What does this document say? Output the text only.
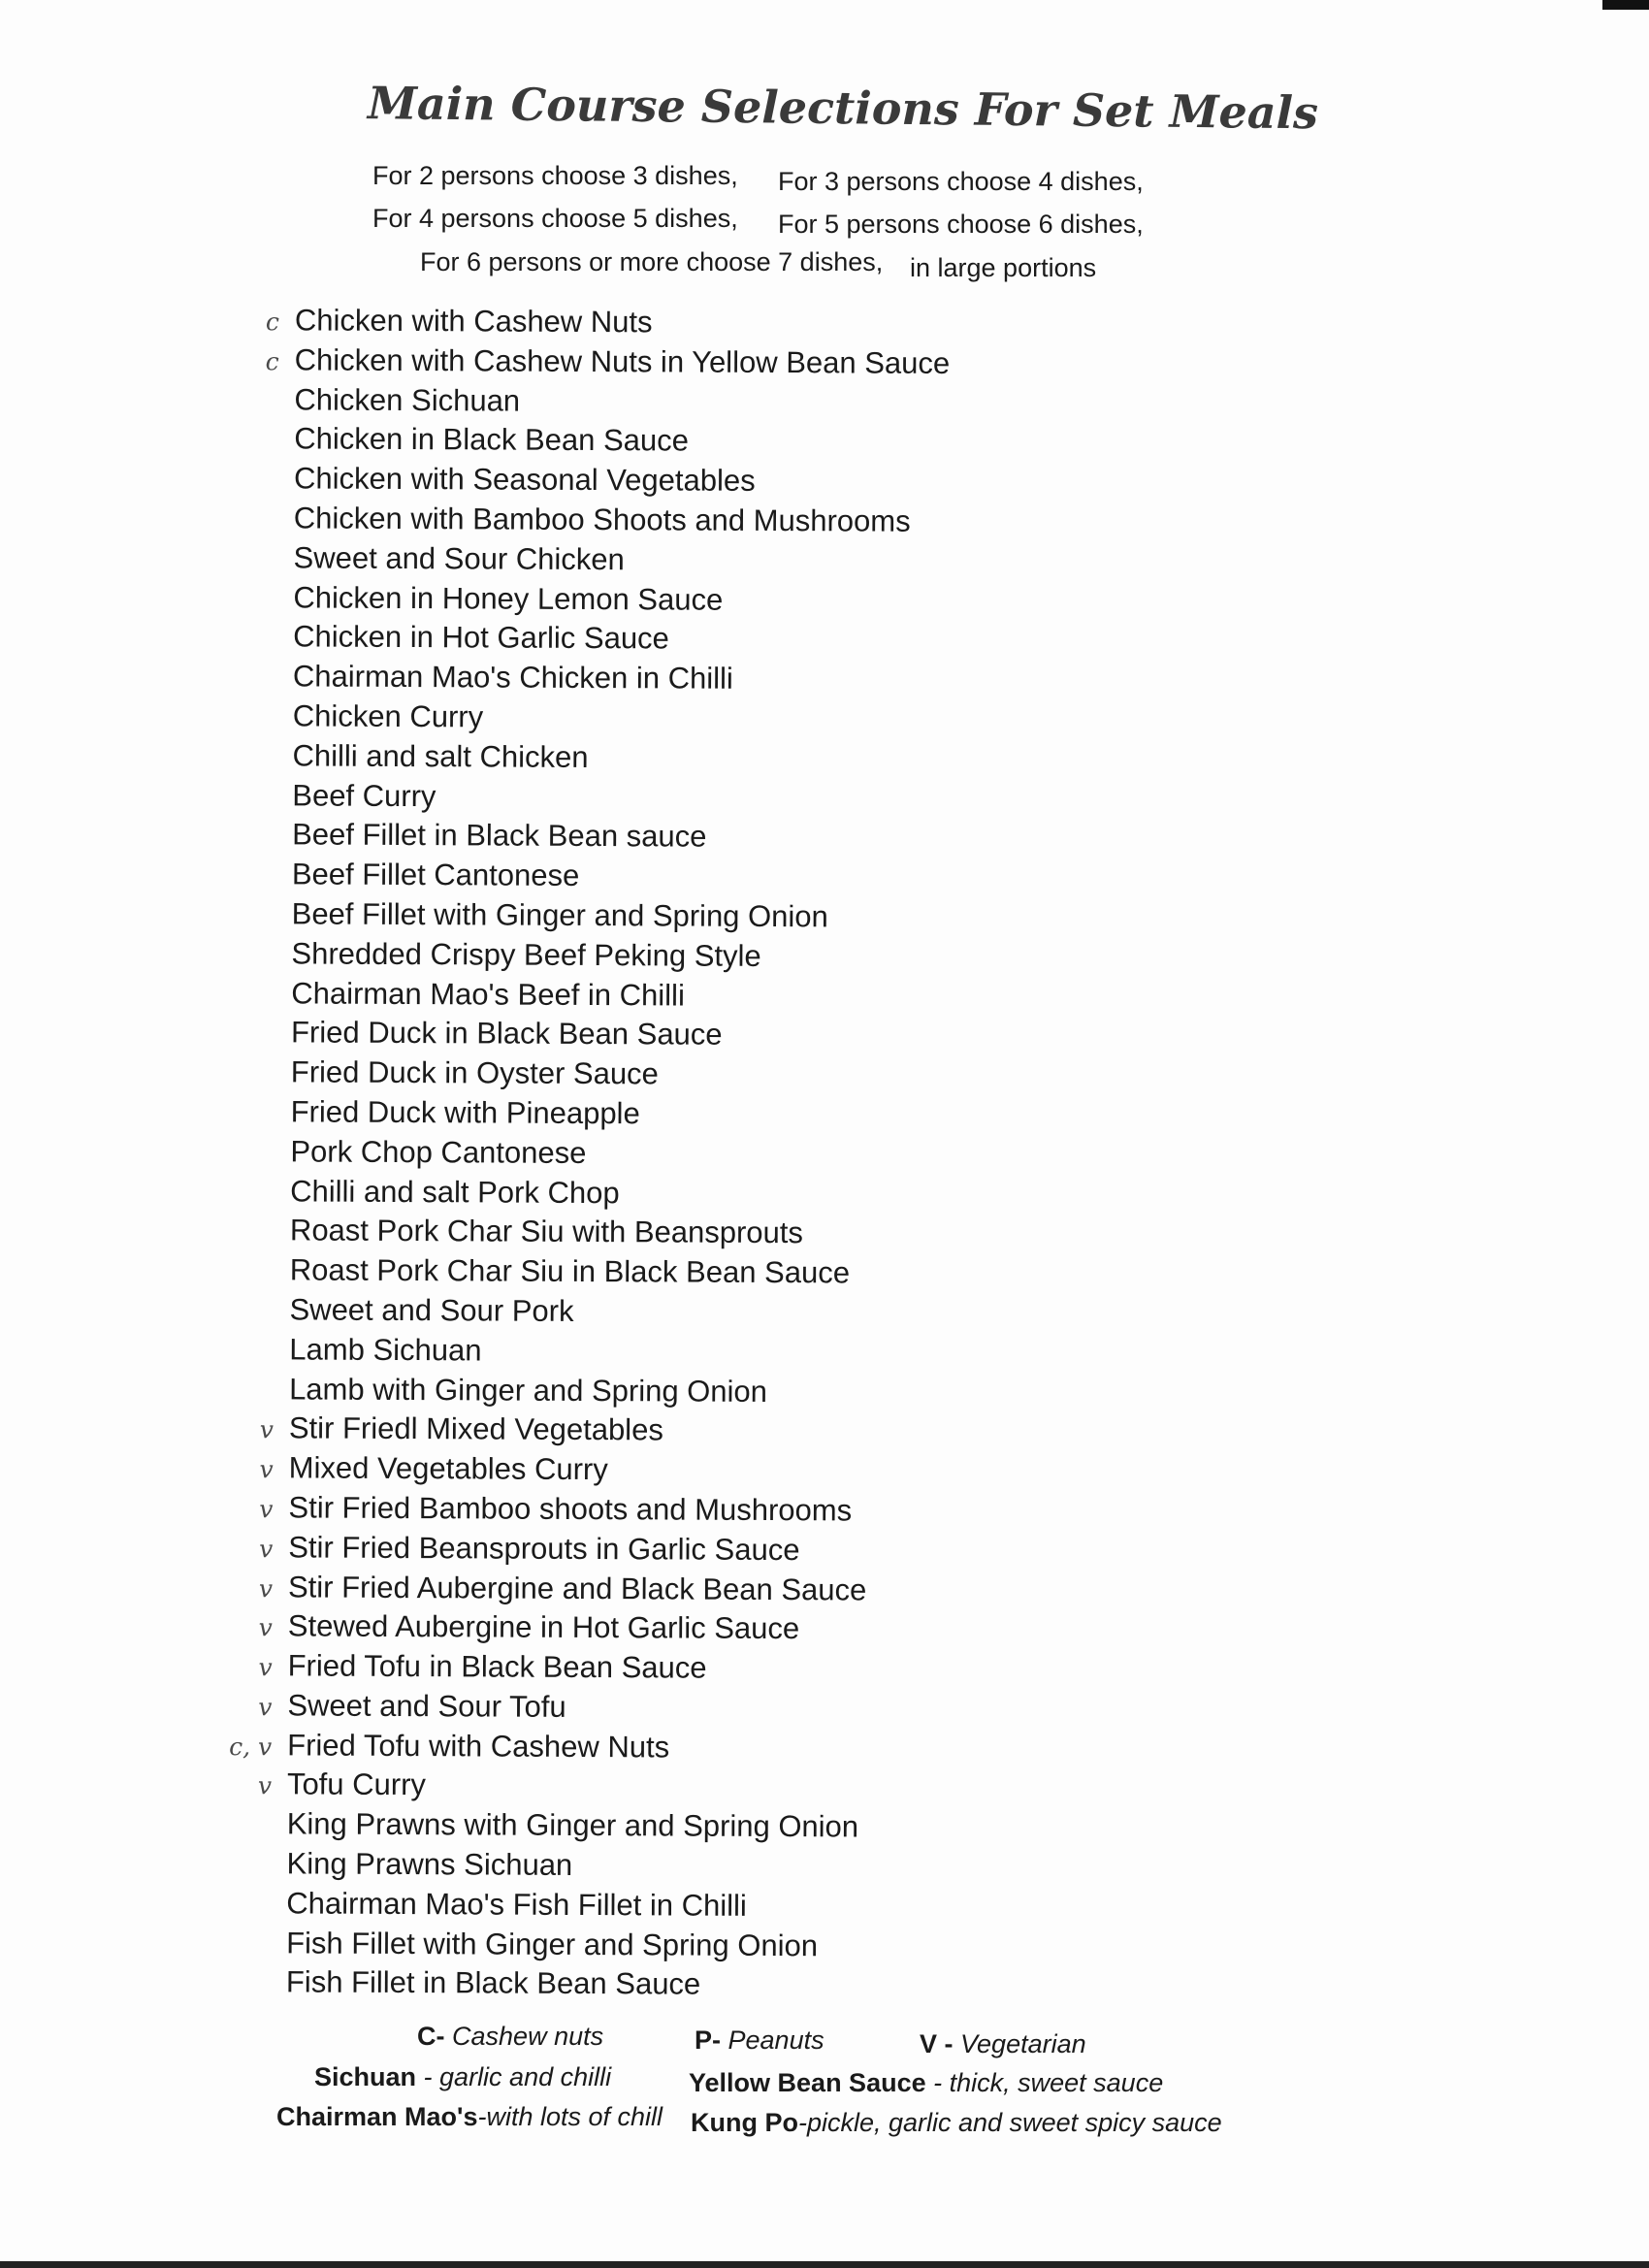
Main Course Selections For Set Meals
For 2 persons choose 3 dishes, For 3 persons choose 4 dishes,
For 4 persons choose 5 dishes, For 5 persons choose 6 dishes,
For 6 persons or more choose 7 dishes, in large portions
c Chicken with Cashew Nuts
c Chicken with Cashew Nuts in Yellow Bean Sauce
Chicken Sichuan
Chicken in Black Bean Sauce
Chicken with Seasonal Vegetables
Chicken with Bamboo Shoots and Mushrooms
Sweet and Sour Chicken
Chicken in Honey Lemon Sauce
Chicken in Hot Garlic Sauce
Chairman Mao's Chicken in Chilli
Chicken Curry
Chilli and salt Chicken
Beef Curry
Beef Fillet in Black Bean sauce
Beef Fillet Cantonese
Beef Fillet with Ginger and Spring Onion
Shredded Crispy Beef Peking Style
Chairman Mao's Beef in Chilli
Fried Duck in Black Bean Sauce
Fried Duck in Oyster Sauce
Fried Duck with Pineapple
Pork Chop Cantonese
Chilli and salt Pork Chop
Roast Pork Char Siu with Beansprouts
Roast Pork Char Siu in Black Bean Sauce
Sweet and Sour Pork
Lamb Sichuan
Lamb with Ginger and Spring Onion
v Stir Friedl Mixed Vegetables
v Mixed Vegetables Curry
v Stir Fried Bamboo shoots and Mushrooms
v Stir Fried Beansprouts in Garlic Sauce
v Stir Fried Aubergine and Black Bean Sauce
v Stewed Aubergine in Hot Garlic Sauce
v Fried Tofu in Black Bean Sauce
v Sweet and Sour Tofu
c, v Fried Tofu with Cashew Nuts
v Tofu Curry
King Prawns with Ginger and Spring Onion
King Prawns Sichuan
Chairman Mao's Fish Fillet in Chilli
Fish Fillet with Ginger and Spring Onion
Fish Fillet in Black Bean Sauce
C- Cashew nuts	P- Peanuts	V - Vegetarian
Sichuan - garlic and chilli	Yellow Bean Sauce - thick, sweet sauce
Chairman Mao's-with lots of chill Kung Po-pickle, garlic and sweet spicy sauce
